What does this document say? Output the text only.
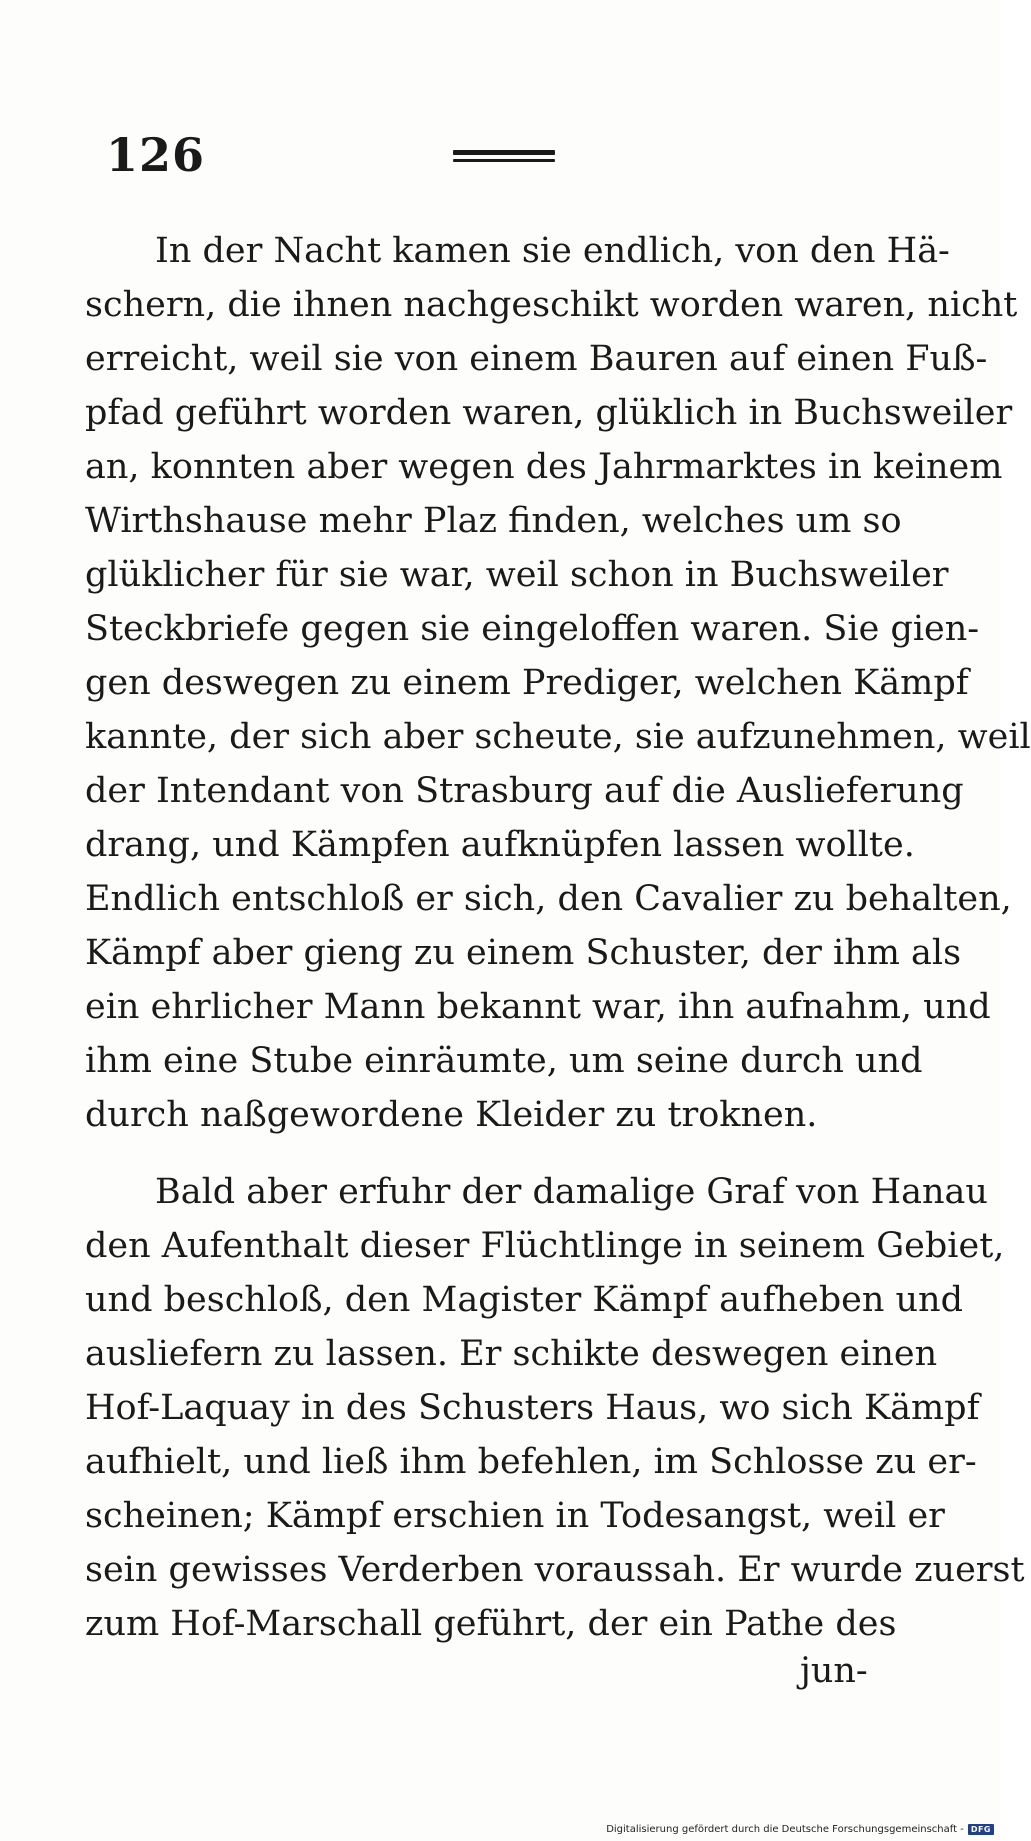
126
In der Nacht kamen sie endlich, von den Hä-
schern, die ihnen nachgeschikt worden waren, nicht
erreicht, weil sie von einem Bauren auf einen Fuß-
pfad geführt worden waren, glüklich in Buchsweiler
an, konnten aber wegen des Jahrmarktes in keinem
Wirthshause mehr Plaz finden, welches um so
glüklicher für sie war, weil schon in Buchsweiler
Steckbriefe gegen sie eingeloffen waren. Sie gien-
gen deswegen zu einem Prediger, welchen Kämpf
kannte, der sich aber scheute, sie aufzunehmen, weil
der Intendant von Strasburg auf die Auslieferung
drang, und Kämpfen aufknüpfen lassen wollte.
Endlich entschloß er sich, den Cavalier zu behalten,
Kämpf aber gieng zu einem Schuster, der ihm als
ein ehrlicher Mann bekannt war, ihn aufnahm, und
ihm eine Stube einräumte, um seine durch und
durch naßgewordene Kleider zu troknen.
Bald aber erfuhr der damalige Graf von Hanau
den Aufenthalt dieser Flüchtlinge in seinem Gebiet,
und beschloß, den Magister Kämpf aufheben und
ausliefern zu lassen. Er schikte deswegen einen
Hof-Laquay in des Schusters Haus, wo sich Kämpf
aufhielt, und ließ ihm befehlen, im Schlosse zu er-
scheinen; Kämpf erschien in Todesangst, weil er
sein gewisses Verderben voraussah. Er wurde zuerst
zum Hof-Marschall geführt, der ein Pathe des
jun-
Digitalisierung gefördert durch die Deutsche Forschungsgemeinschaft - DFG
